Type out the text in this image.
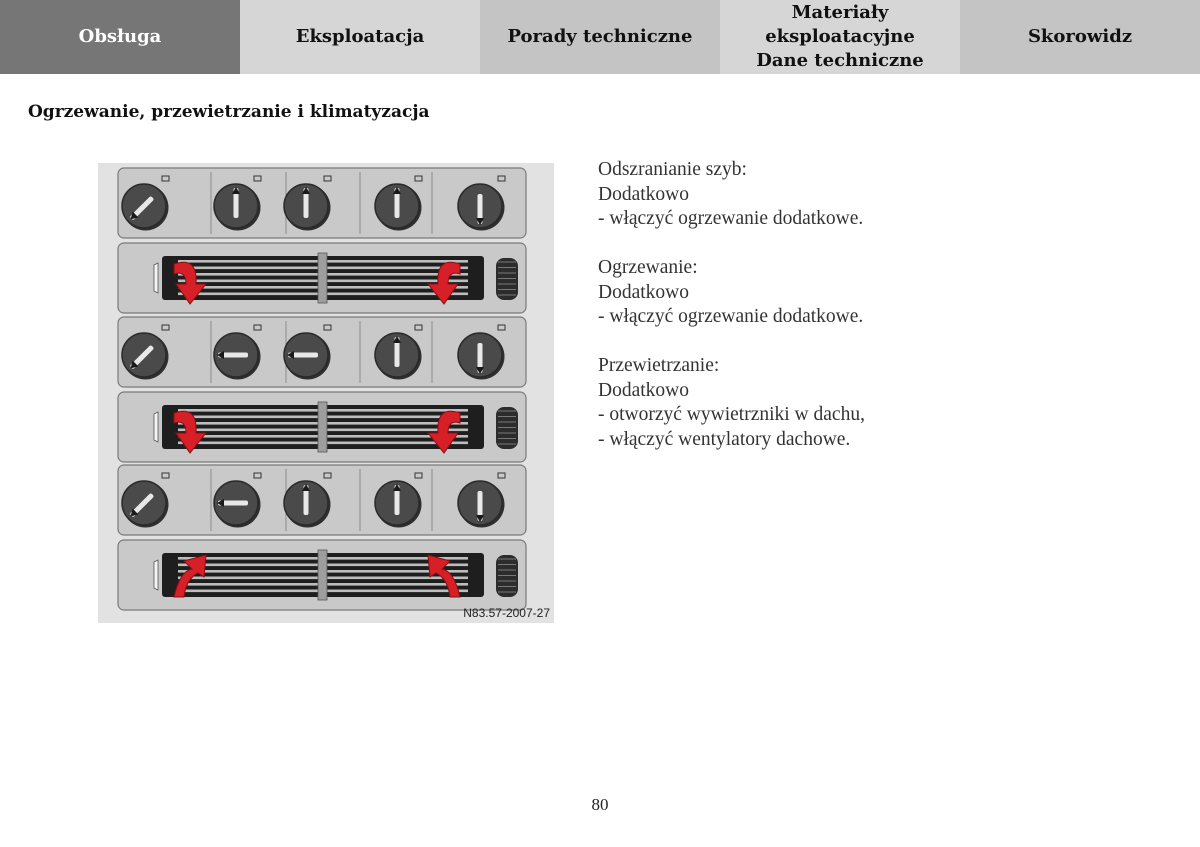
Obsługa	Eksploatacja	Porady techniczne
Materiały eksploatacyjne
Dane techniczne
Skorowidz
Ogrzewanie, przewietrzanie i klimatyzacja
N83.57-2007-27
Odszranianie szyb:
Dodatkowo
- włączyć ogrzewanie dodatkowe.
Ogrzewanie:
Dodatkowo
- włączyć ogrzewanie dodatkowe.
Przewietrzanie:
Dodatkowo
- otworzyć wywietrzniki w dachu,
- włączyć wentylatory dachowe.
80
